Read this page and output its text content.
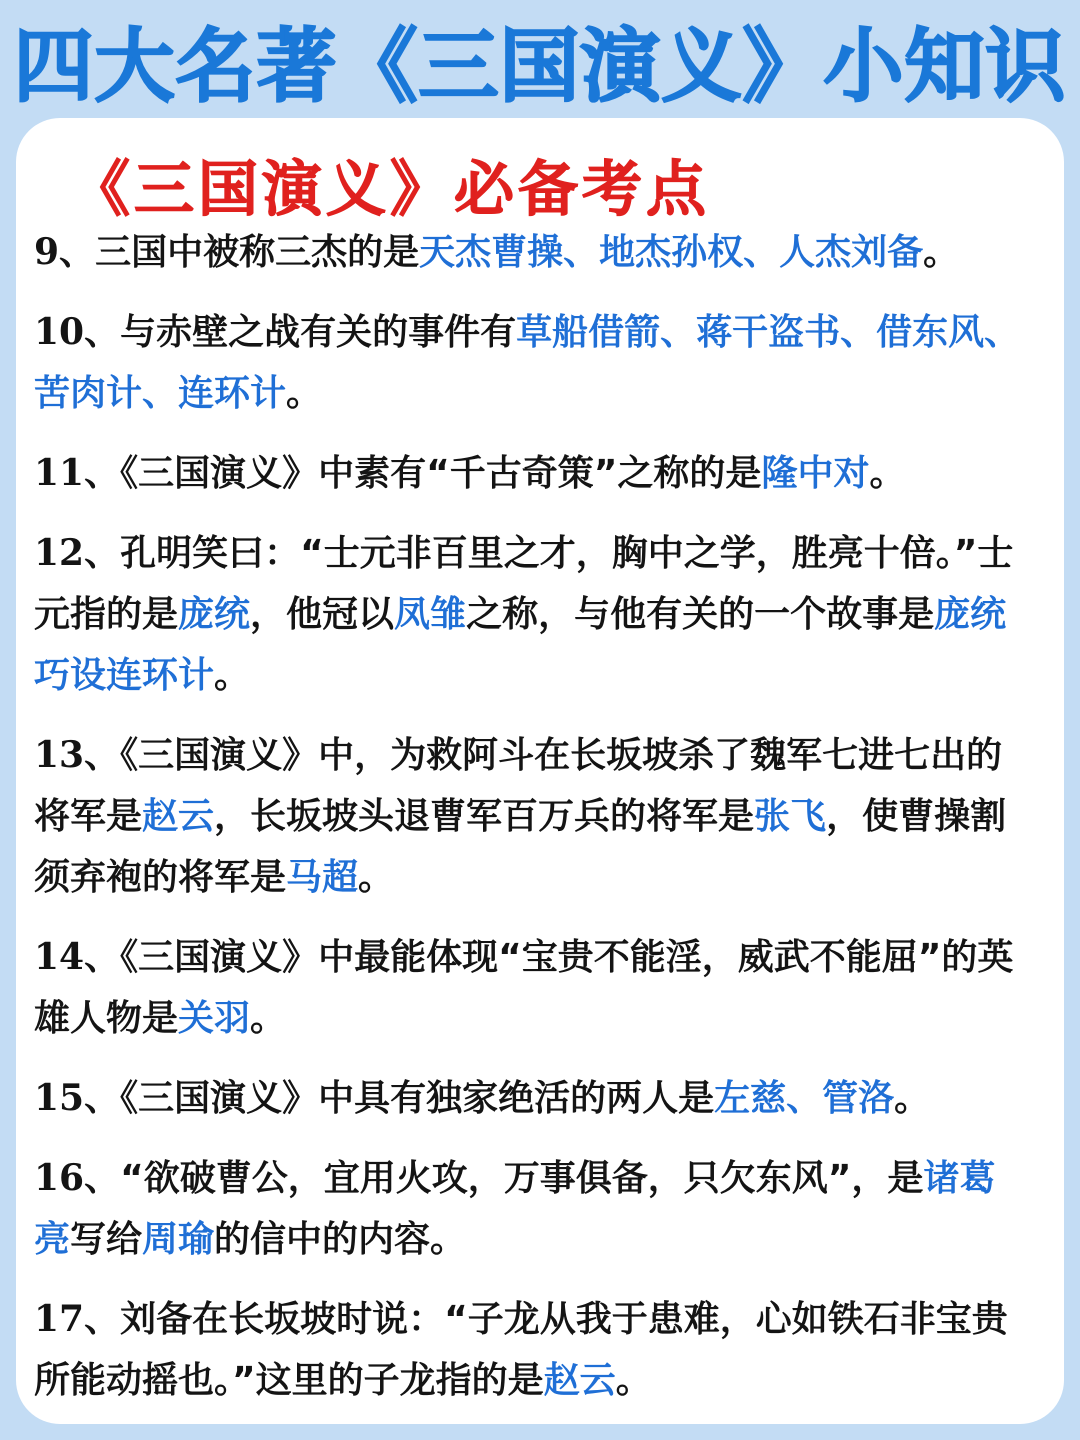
四大名著《三国演义》小知识
《三国演义》必备考点

9、三国中被称三杰的是天杰曹操、地杰孙权、人杰刘备。

10、与赤壁之战有关的事件有草船借箭、蒋干盗书、借东风、苦肉计、连环计。

11、《三国演义》中素有“千古奇策”之称的是隆中对。

12、孔明笑曰：“士元非百里之才，胸中之学，胜亮十倍。”士元指的是庞统，他冠以凤雏之称，与他有关的一个故事是庞统巧设连环计。

13、《三国演义》中，为救阿斗在长坂坡杀了魏军七进七出的将军是赵云，长坂坡头退曹军百万兵的将军是张飞，使曹操割须弃袍的将军是马超。

14、《三国演义》中最能体现“宝贵不能淫，威武不能屈”的英雄人物是关羽。

15、《三国演义》中具有独家绝活的两人是左慈、管洛。

16、“欲破曹公，宜用火攻，万事俱备，只欠东风”，是诸葛亮写给周瑜的信中的内容。

17、刘备在长坂坡时说：“子龙从我于患难，心如铁石非宝贵所能动摇也。”这里的子龙指的是赵云。
